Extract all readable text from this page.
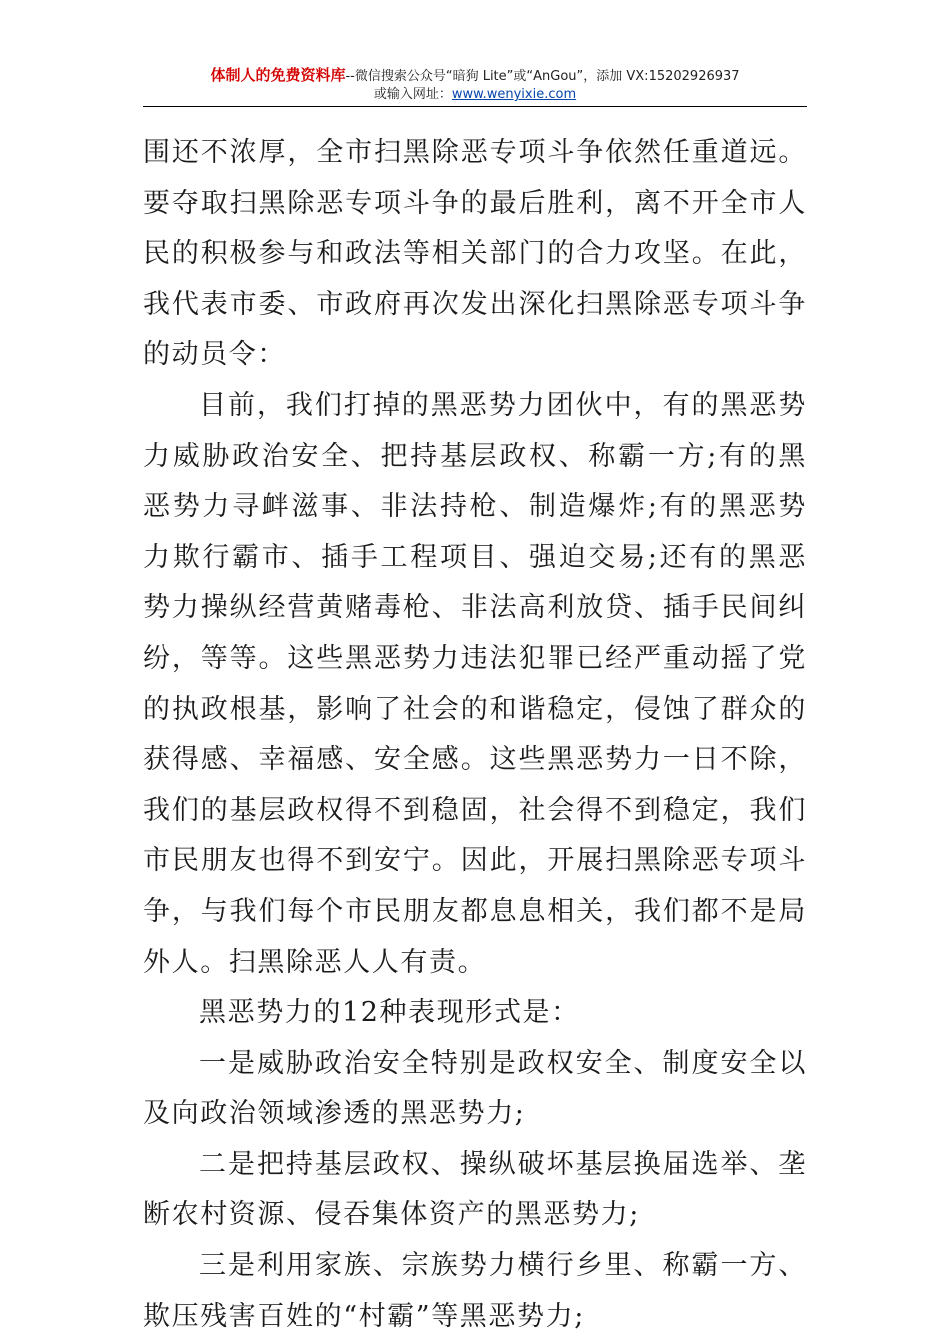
体制人的免费资料库--微信搜索公众号“暗狗 Lite”或“AnGou”，添加 VX:15202926937
或输入网址：www.wenyixie.com

围还不浓厚，全市扫黑除恶专项斗争依然任重道远。要夺取扫黑除恶专项斗争的最后胜利，离不开全市人民的积极参与和政法等相关部门的合力攻坚。在此，我代表市委、市政府再次发出深化扫黑除恶专项斗争的动员令：

目前，我们打掉的黑恶势力团伙中，有的黑恶势力威胁政治安全、把持基层政权、称霸一方;有的黑恶势力寻衅滋事、非法持枪、制造爆炸;有的黑恶势力欺行霸市、插手工程项目、强迫交易;还有的黑恶势力操纵经营黄赌毒枪、非法高利放贷、插手民间纠纷，等等。这些黑恶势力违法犯罪已经严重动摇了党的执政根基，影响了社会的和谐稳定，侵蚀了群众的获得感、幸福感、安全感。这些黑恶势力一日不除，我们的基层政权得不到稳固，社会得不到稳定，我们市民朋友也得不到安宁。因此，开展扫黑除恶专项斗争，与我们每个市民朋友都息息相关，我们都不是局外人。扫黑除恶人人有责。

黑恶势力的12种表现形式是：

一是威胁政治安全特别是政权安全、制度安全以及向政治领域渗透的黑恶势力;

二是把持基层政权、操纵破坏基层换届选举、垄断农村资源、侵吞集体资产的黑恶势力;

三是利用家族、宗族势力横行乡里、称霸一方、欺压残害百姓的“村霸”等黑恶势力;
